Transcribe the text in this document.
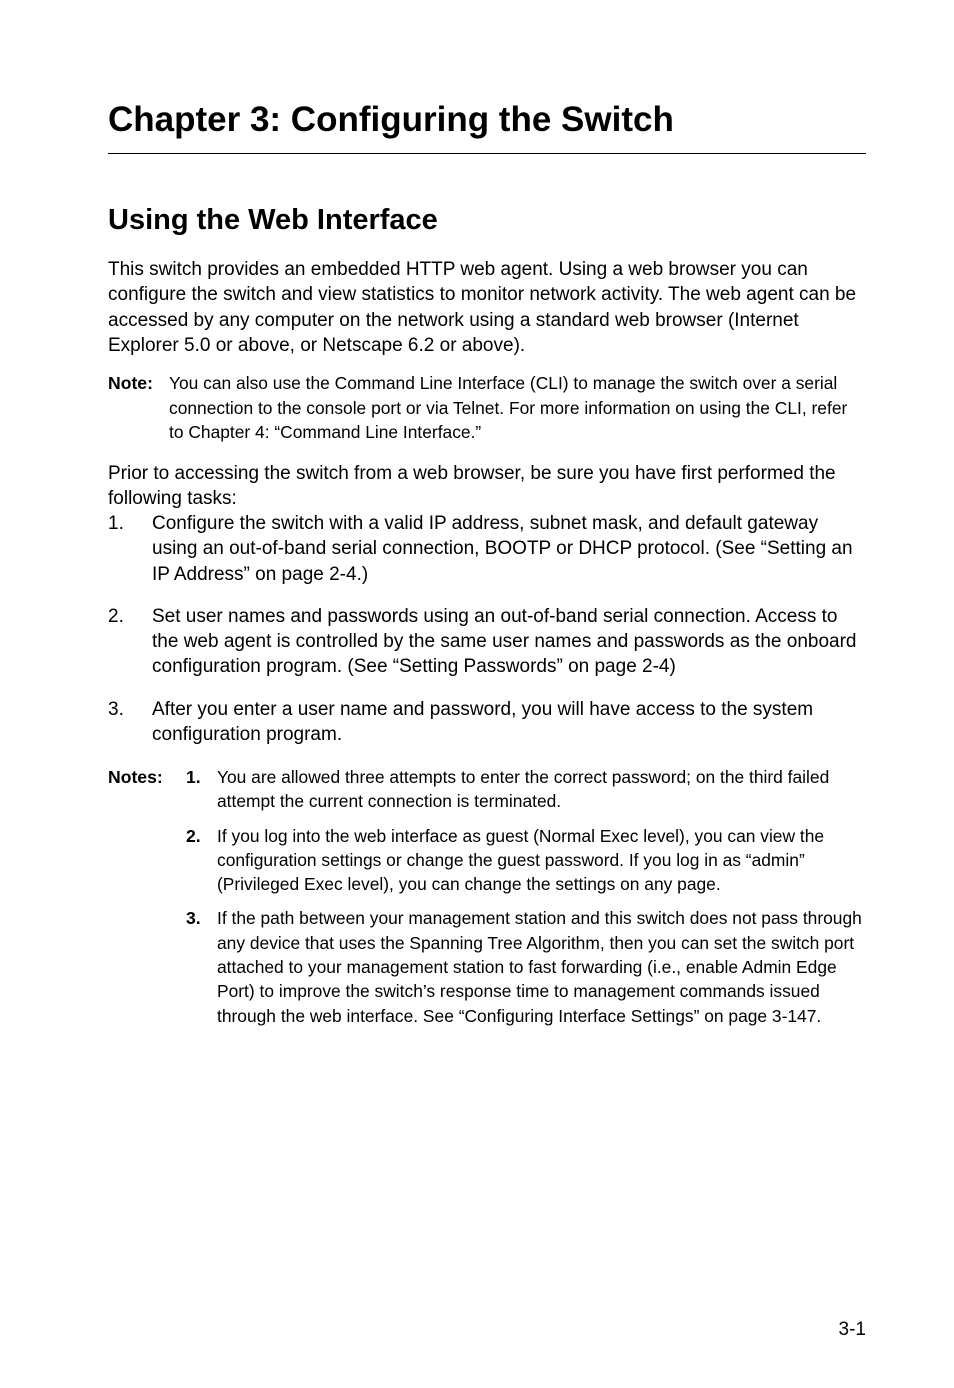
Chapter 3: Configuring the Switch
Using the Web Interface

This switch provides an embedded HTTP web agent. Using a web browser you can configure the switch and view statistics to monitor network activity. The web agent can be accessed by any computer on the network using a standard web browser (Internet Explorer 5.0 or above, or Netscape 6.2 or above).

Note: You can also use the Command Line Interface (CLI) to manage the switch over a serial connection to the console port or via Telnet. For more information on using the CLI, refer to Chapter 4: “Command Line Interface.”

Prior to accessing the switch from a web browser, be sure you have first performed the following tasks:

1. Configure the switch with a valid IP address, subnet mask, and default gateway using an out-of-band serial connection, BOOTP or DHCP protocol. (See “Setting an IP Address” on page 2-4.)
2. Set user names and passwords using an out-of-band serial connection. Access to the web agent is controlled by the same user names and passwords as the onboard configuration program. (See “Setting Passwords” on page 2-4)
3. After you enter a user name and password, you will have access to the system configuration program.
Notes: 1. You are allowed three attempts to enter the correct password; on the third failed attempt the current connection is terminated.
2. If you log into the web interface as guest (Normal Exec level), you can view the configuration settings or change the guest password. If you log in as “admin” (Privileged Exec level), you can change the settings on any page.
3. If the path between your management station and this switch does not pass through any device that uses the Spanning Tree Algorithm, then you can set the switch port attached to your management station to fast forwarding (i.e., enable Admin Edge Port) to improve the switch’s response time to management commands issued through the web interface. See “Configuring Interface Settings” on page 3-147.
3-1
